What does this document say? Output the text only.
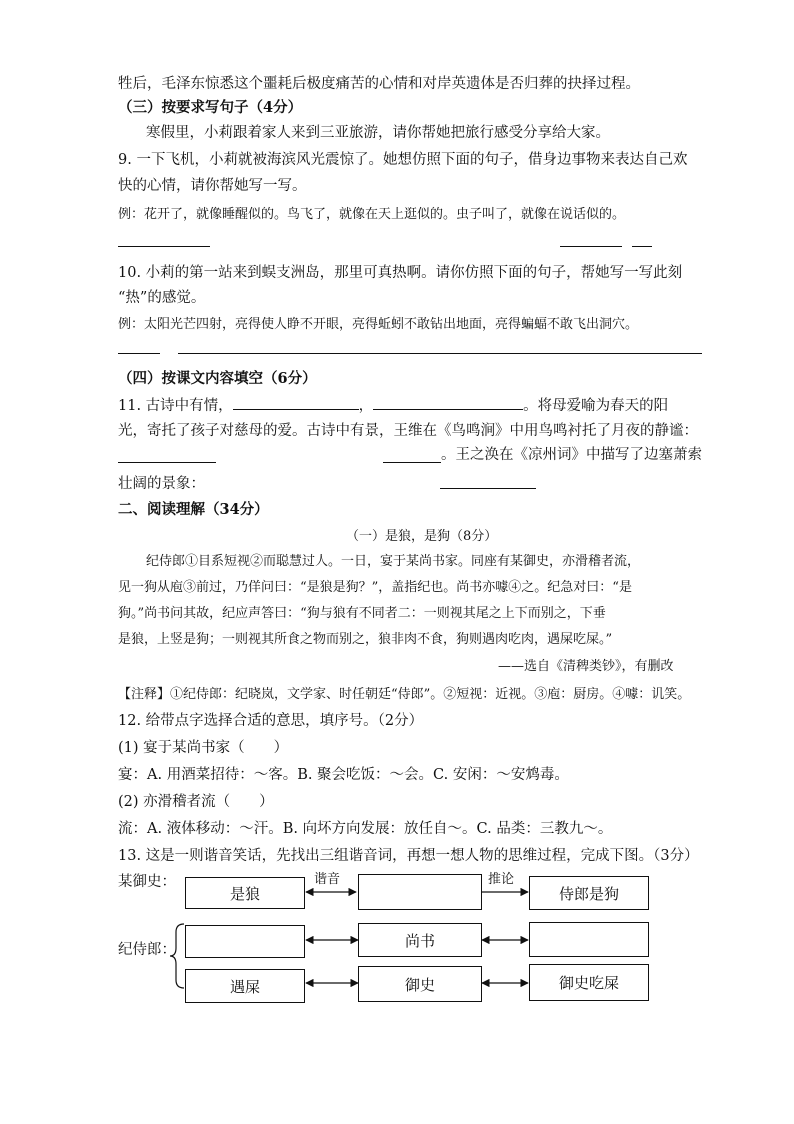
牲后，毛泽东惊悉这个噩耗后极度痛苦的心情和对岸英遗体是否归葬的抉择过程。
（三）按要求写句子（4分）
寒假里，小莉跟着家人来到三亚旅游，请你帮她把旅行感受分享给大家。
9. 一下飞机，小莉就被海滨风光震惊了。她想仿照下面的句子，借身边事物来表达自己欢
快的心情，请你帮她写一写。
例：花开了，就像睡醒似的。鸟飞了，就像在天上逛似的。虫子叫了，就像在说话似的。
10. 小莉的第一站来到蜈支洲岛，那里可真热啊。请你仿照下面的句子，帮她写一写此刻
“热”的感觉。
例：太阳光芒四射，亮得使人睁不开眼，亮得蚯蚓不敢钻出地面，亮得蝙蝠不敢飞出洞穴。
（四）按课文内容填空（6分）
11. 古诗中有情，	，	。将母爱喻为春天的阳
光，寄托了孩子对慈母的爱。古诗中有景，王维在《鸟鸣涧》中用鸟鸣衬托了月夜的静谧：
。王之涣在《凉州词》中描写了边塞萧索
壮阔的景象：
二、阅读理解（34分）
（一）是狼，是狗（8分）
纪侍郎①目系短视②而聪慧过人。一日，宴于某尚书家。同座有某御史，亦滑稽者流，
见一狗从庖③前过，乃佯问曰：“是狼是狗？”，盖指纪也。尚书亦噱④之。纪急对曰：“是
狗。”尚书问其故，纪应声答曰：“狗与狼有不同者二：一则视其尾之上下而别之，下垂
是狼，上竖是狗；一则视其所食之物而别之，狼非肉不食，狗则遇肉吃肉，遇屎吃屎。”
——选自《清稗类钞》，有删改
【注释】①纪侍郎：纪晓岚，文学家、时任朝廷“侍郎”。②短视：近视。③庖：厨房。④噱：讥笑。
12. 给带点字选择合适的意思，填序号。（2分）
(1) 宴于某尚书家（　　）
宴：A. 用酒菜招待：～客。B. 聚会吃饭：～会。C. 安闲：～安鸩毒。
(2) 亦滑稽者流（　　）
流：A. 液体移动：～汗。B. 向坏方向发展：放任自～。C. 品类：三教九～。
13. 这是一则谐音笑话，先找出三组谐音词，再想一想人物的思维过程，完成下图。（3分）
某御史：
纪侍郎：
谐音	推论
是狼	侍郎是狗
尚书
遇屎	御史	御史吃屎
